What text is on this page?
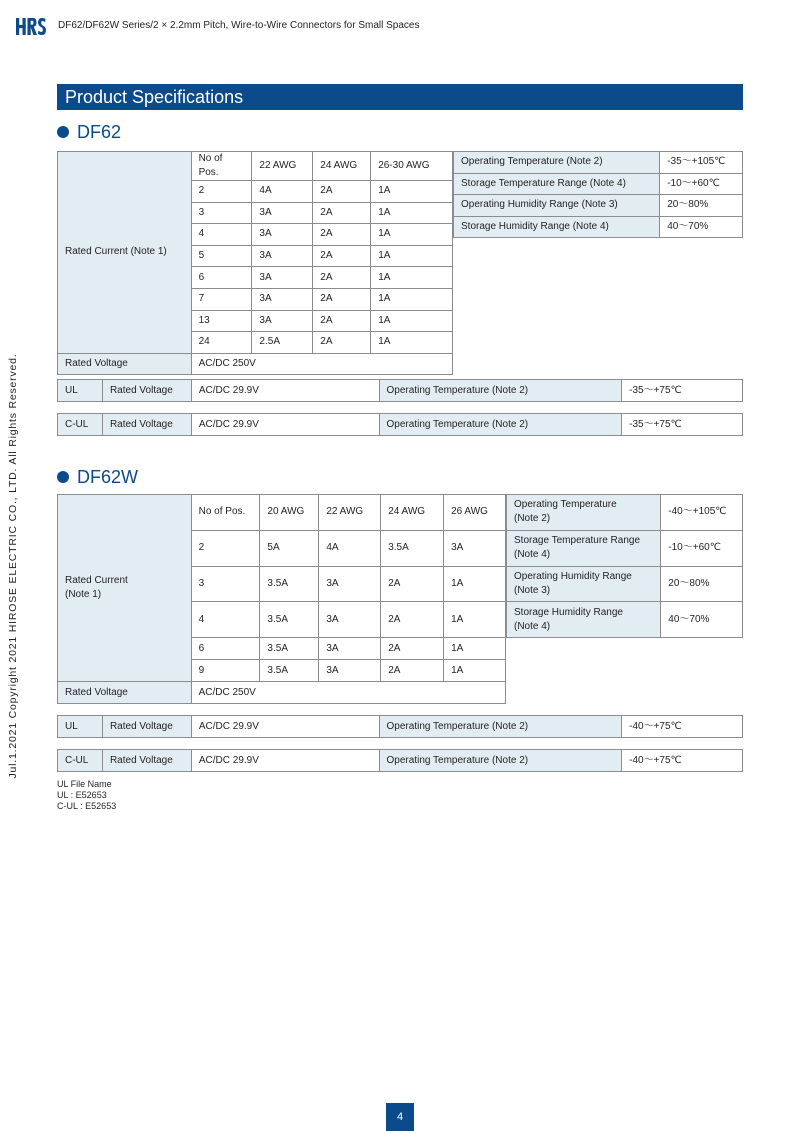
DF62/DF62W Series/2 × 2.2mm Pitch, Wire-to-Wire Connectors for Small Spaces
Product Specifications
DF62
Rated Current (Note 1)	No of Pos.	22 AWG	24 AWG	26-30 AWG
	2	4A	2A	1A
	3	3A	2A	1A
	4	3A	2A	1A
	5	3A	2A	1A
	6	3A	2A	1A
	7	3A	2A	1A
	13	3A	2A	1A
	24	2.5A	2A	1A
Rated Voltage	AC/DC 250V			
Operating Temperature (Note 2)	-35～+105℃
Storage Temperature Range (Note 4)	-10～+60℃
Operating Humidity Range (Note 3)	20～80%
Storage Humidity Range (Note 4)	40～70%
UL	Rated Voltage	AC/DC 29.9V	Operating Temperature (Note 2)	-35～+75℃
C-UL	Rated Voltage	AC/DC 29.9V	Operating Temperature (Note 2)	-35～+75℃
DF62W
Rated Current
(Note 1)	No of Pos.	20 AWG	22 AWG	24 AWG	26 AWG
	2	5A	4A	3.5A	3A
	3	3.5A	3A	2A	1A
	4	3.5A	3A	2A	1A
	6	3.5A	3A	2A	1A
	9	3.5A	3A	2A	1A
Rated Voltage	AC/DC 250V				
Operating Temperature
(Note 2)	-40～+105℃
Storage Temperature Range
(Note 4)	-10～+60℃
Operating Humidity Range
(Note 3)	20～80%
Storage Humidity Range
(Note 4)	40～70%
UL	Rated Voltage	AC/DC 29.9V	Operating Temperature (Note 2)	-40～+75℃
C-UL	Rated Voltage	AC/DC 29.9V	Operating Temperature (Note 2)	-40～+75℃
UL File Name
UL : E52653
C-UL : E52653
Jul.1.2021 Copyright 2021 HIROSE ELECTRIC CO., LTD. All Rights Reserved.
4
